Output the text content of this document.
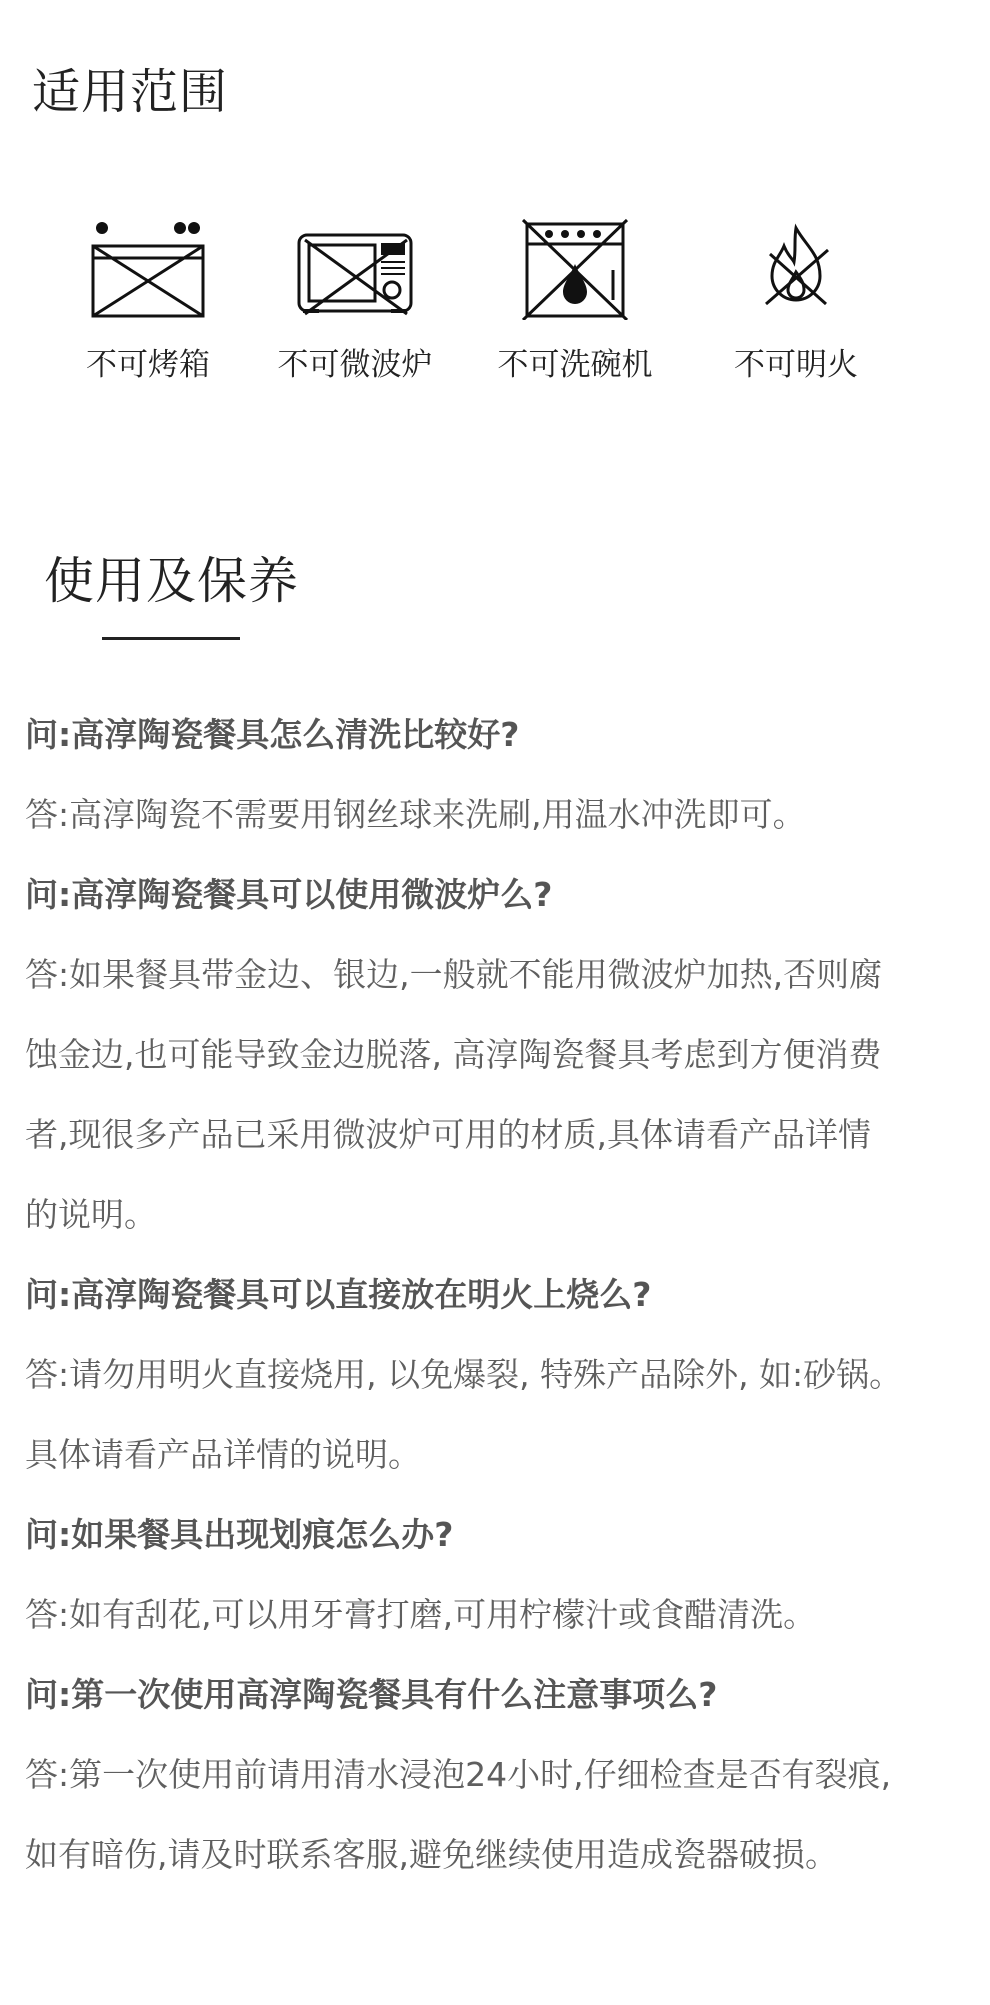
适用范围
不可烤箱	不可微波炉	不可洗碗机	不可明火
使用及保养

问:高淳陶瓷餐具怎么清洗比较好?

答:高淳陶瓷不需要用钢丝球来洗刷,用温水冲洗即可。

问:高淳陶瓷餐具可以使用微波炉么?

答:如果餐具带金边、银边,一般就不能用微波炉加热,否则腐

蚀金边,也可能导致金边脱落, 高淳陶瓷餐具考虑到方便消费

者,现很多产品已采用微波炉可用的材质,具体请看产品详情

的说明。

问:高淳陶瓷餐具可以直接放在明火上烧么?

答:请勿用明火直接烧用, 以免爆裂, 特殊产品除外, 如:砂锅。

具体请看产品详情的说明。

问:如果餐具出现划痕怎么办?

答:如有刮花,可以用牙膏打磨,可用柠檬汁或食醋清洗。

问:第一次使用高淳陶瓷餐具有什么注意事项么?

答:第一次使用前请用清水浸泡24小时,仔细检查是否有裂痕,

如有暗伤,请及时联系客服,避免继续使用造成瓷器破损。
